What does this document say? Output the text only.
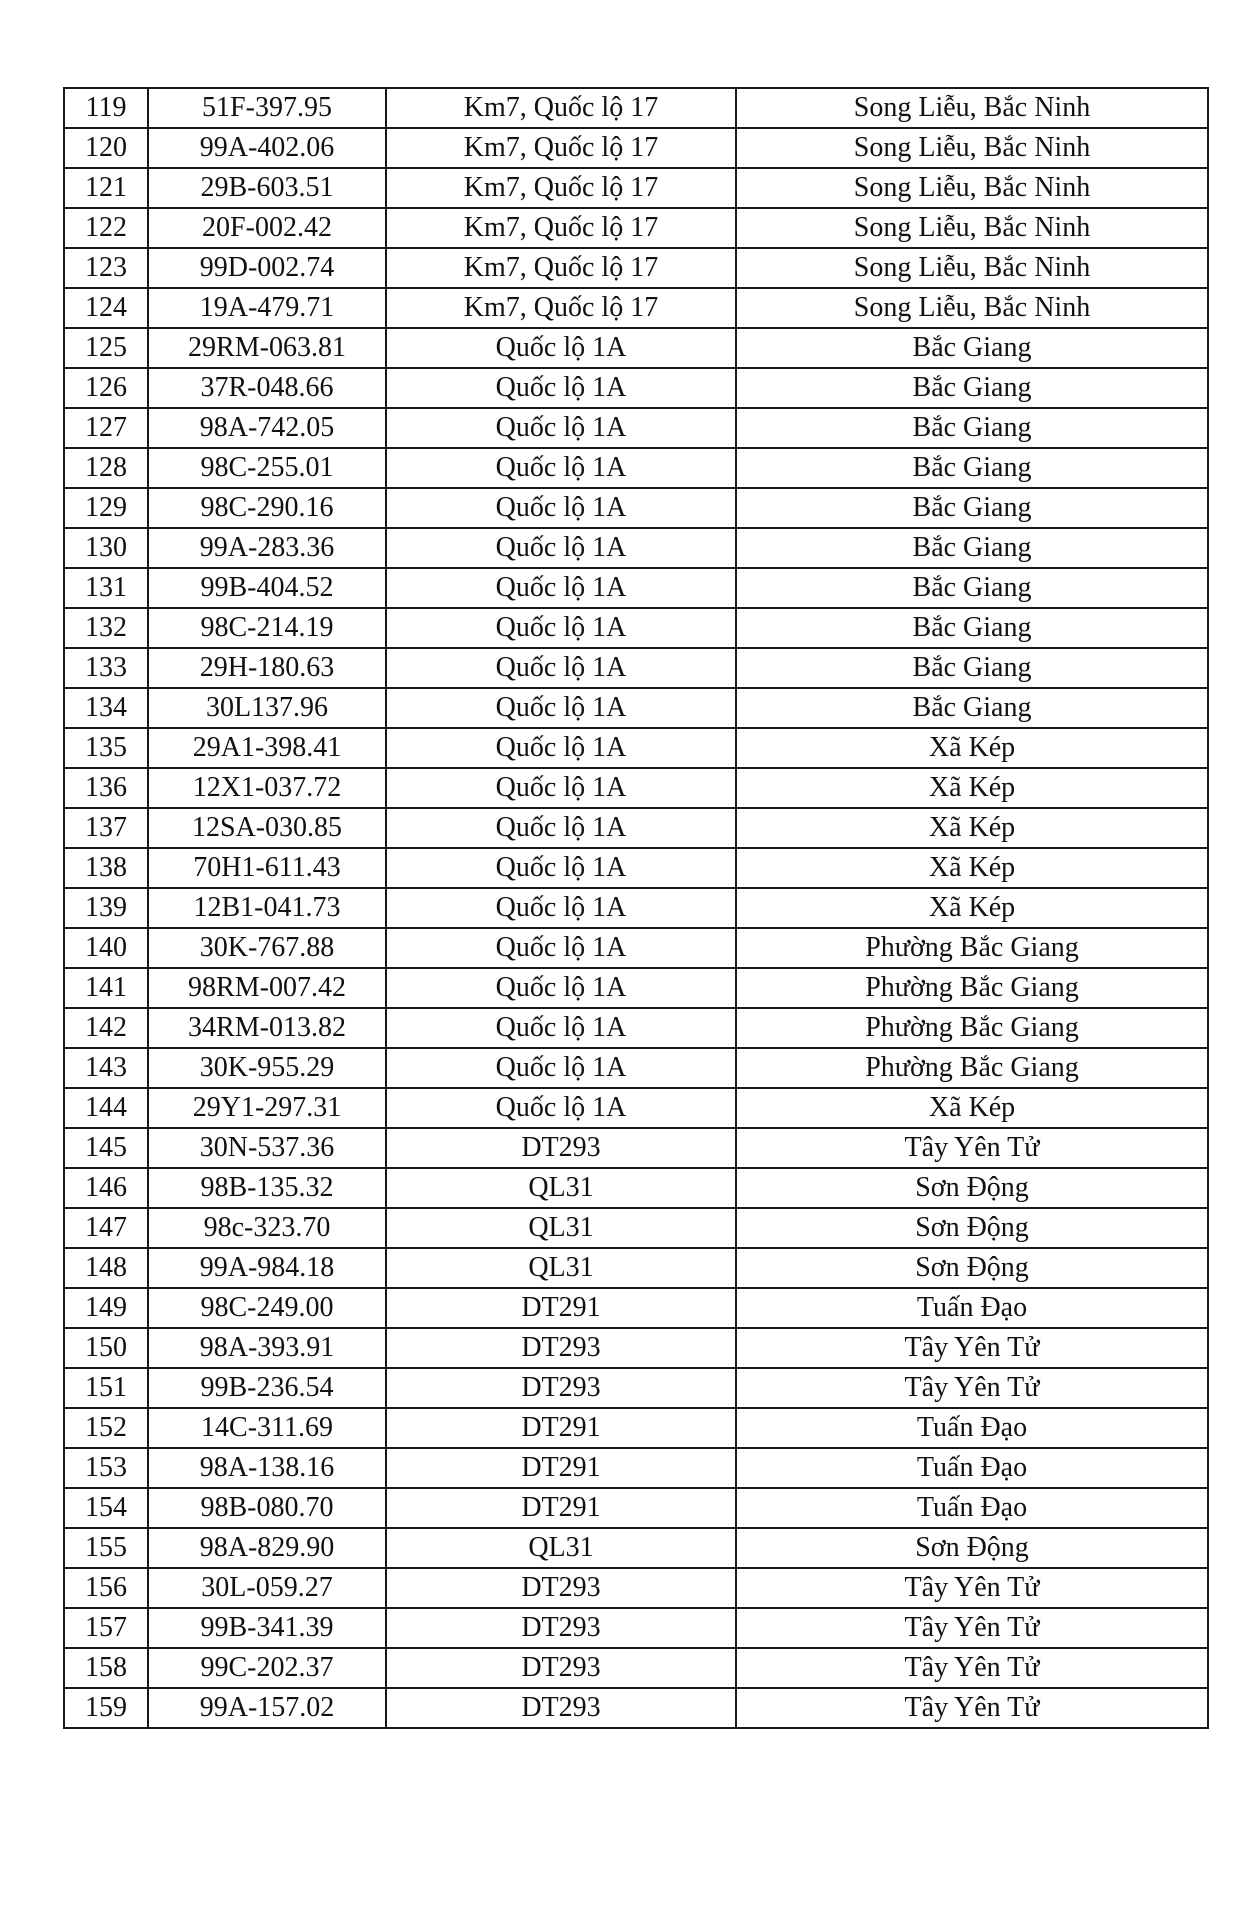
119	51F-397.95	Km7, Quốc lộ 17	Song Liễu, Bắc Ninh
120	99A-402.06	Km7, Quốc lộ 17	Song Liễu, Bắc Ninh
121	29B-603.51	Km7, Quốc lộ 17	Song Liễu, Bắc Ninh
122	20F-002.42	Km7, Quốc lộ 17	Song Liễu, Bắc Ninh
123	99D-002.74	Km7, Quốc lộ 17	Song Liễu, Bắc Ninh
124	19A-479.71	Km7, Quốc lộ 17	Song Liễu, Bắc Ninh
125	29RM-063.81	Quốc lộ 1A	Bắc Giang
126	37R-048.66	Quốc lộ 1A	Bắc Giang
127	98A-742.05	Quốc lộ 1A	Bắc Giang
128	98C-255.01	Quốc lộ 1A	Bắc Giang
129	98C-290.16	Quốc lộ 1A	Bắc Giang
130	99A-283.36	Quốc lộ 1A	Bắc Giang
131	99B-404.52	Quốc lộ 1A	Bắc Giang
132	98C-214.19	Quốc lộ 1A	Bắc Giang
133	29H-180.63	Quốc lộ 1A	Bắc Giang
134	30L137.96	Quốc lộ 1A	Bắc Giang
135	29A1-398.41	Quốc lộ 1A	Xã Kép
136	12X1-037.72	Quốc lộ 1A	Xã Kép
137	12SA-030.85	Quốc lộ 1A	Xã Kép
138	70H1-611.43	Quốc lộ 1A	Xã Kép
139	12B1-041.73	Quốc lộ 1A	Xã Kép
140	30K-767.88	Quốc lộ 1A	Phường Bắc Giang
141	98RM-007.42	Quốc lộ 1A	Phường Bắc Giang
142	34RM-013.82	Quốc lộ 1A	Phường Bắc Giang
143	30K-955.29	Quốc lộ 1A	Phường Bắc Giang
144	29Y1-297.31	Quốc lộ 1A	Xã Kép
145	30N-537.36	DT293	Tây Yên Tử
146	98B-135.32	QL31	Sơn Động
147	98c-323.70	QL31	Sơn Động
148	99A-984.18	QL31	Sơn Động
149	98C-249.00	DT291	Tuấn Đạo
150	98A-393.91	DT293	Tây Yên Tử
151	99B-236.54	DT293	Tây Yên Tử
152	14C-311.69	DT291	Tuấn Đạo
153	98A-138.16	DT291	Tuấn Đạo
154	98B-080.70	DT291	Tuấn Đạo
155	98A-829.90	QL31	Sơn Động
156	30L-059.27	DT293	Tây Yên Tử
157	99B-341.39	DT293	Tây Yên Tử
158	99C-202.37	DT293	Tây Yên Tử
159	99A-157.02	DT293	Tây Yên Tử
